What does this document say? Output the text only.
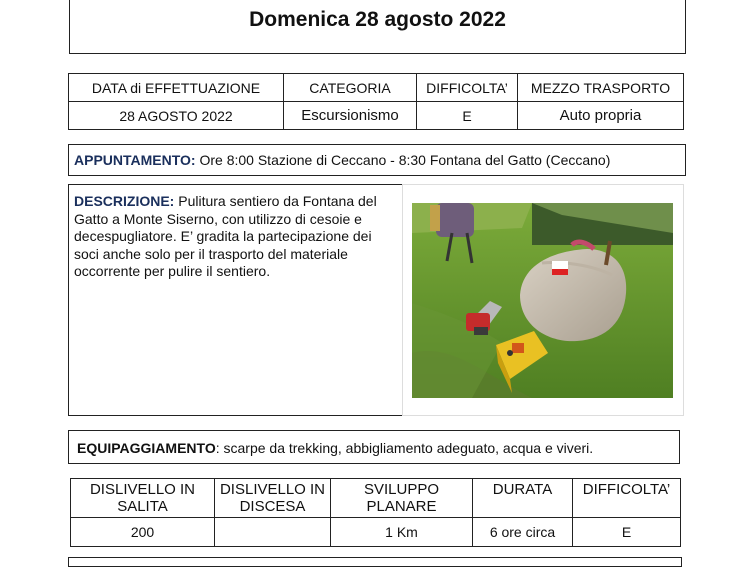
Domenica 28 agosto 2022
DATA di EFFETTUAZIONE	CATEGORIA	DIFFICOLTA’	MEZZO TRASPORTO
28 AGOSTO 2022	Escursionismo	E	Auto propria
APPUNTAMENTO: Ore 8:00 Stazione di Ceccano - 8:30 Fontana del Gatto (Ceccano)
DESCRIZIONE: Pulitura sentiero da Fontana del Gatto a Monte Siserno, con utilizzo di cesoie e decespugliatore. E’ gradita la partecipazione dei soci anche solo per il trasporto del materiale occorrente per pulire il sentiero.
EQUIPAGGIAMENTO: scarpe da trekking, abbigliamento adeguato, acqua e viveri.
DISLIVELLO IN SALITA	DISLIVELLO IN DISCESA	SVILUPPO PLANARE	DURATA	DIFFICOLTA’
200		1 Km	6 ore circa	E
